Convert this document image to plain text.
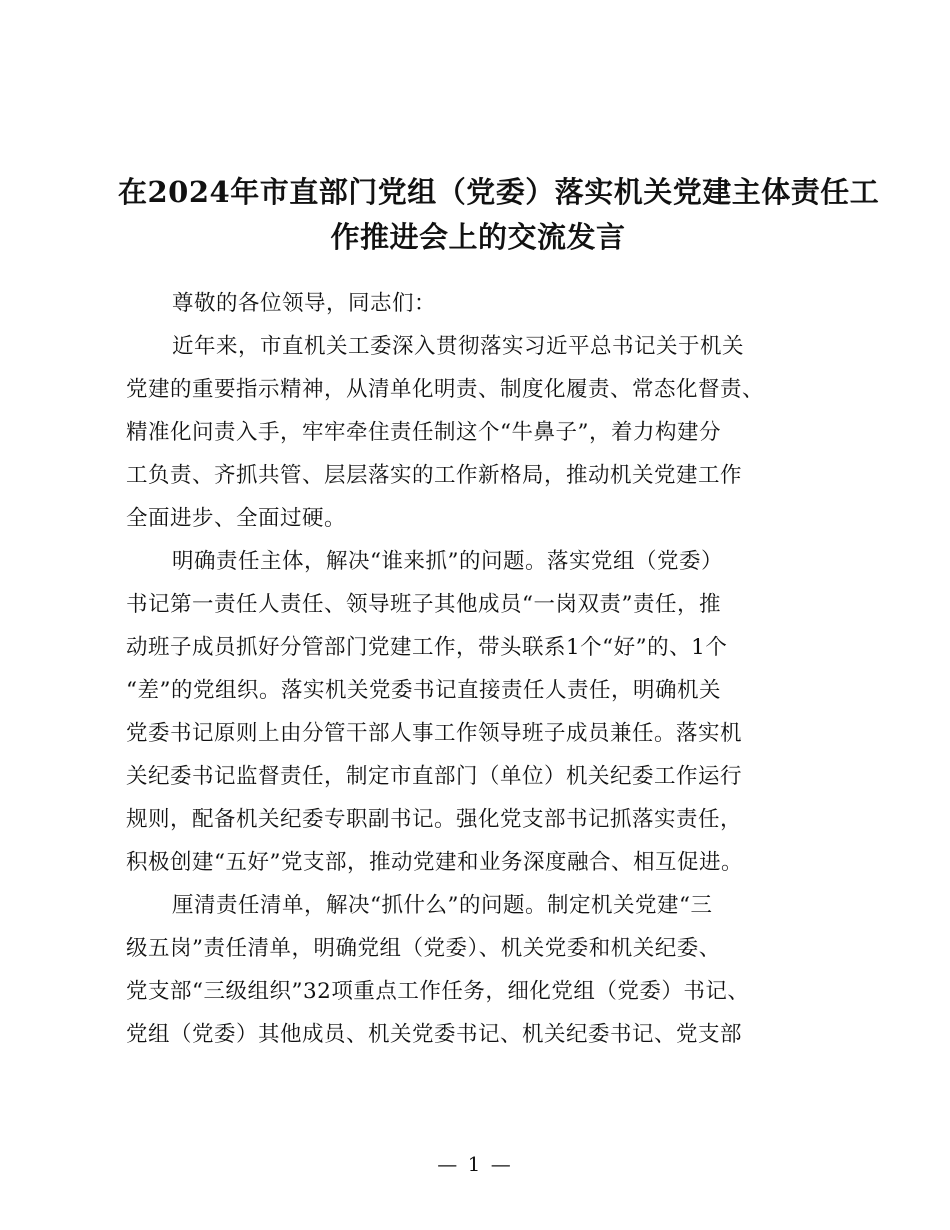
在2024年市直部门党组（党委）落实机关党建主体责任工
作推进会上的交流发言
尊敬的各位领导，同志们：
近年来，市直机关工委深入贯彻落实习近平总书记关于机关
党建的重要指示精神，从清单化明责、制度化履责、常态化督责、
精准化问责入手，牢牢牵住责任制这个“牛鼻子”，着力构建分
工负责、齐抓共管、层层落实的工作新格局，推动机关党建工作
全面进步、全面过硬。
明确责任主体，解决“谁来抓”的问题。落实党组（党委）
书记第一责任人责任、领导班子其他成员“一岗双责”责任，推
动班子成员抓好分管部门党建工作，带头联系1个“好”的、1个
“差”的党组织。落实机关党委书记直接责任人责任，明确机关
党委书记原则上由分管干部人事工作领导班子成员兼任。落实机
关纪委书记监督责任，制定市直部门（单位）机关纪委工作运行
规则，配备机关纪委专职副书记。强化党支部书记抓落实责任，
积极创建“五好”党支部，推动党建和业务深度融合、相互促进。
厘清责任清单，解决“抓什么”的问题。制定机关党建“三
级五岗”责任清单，明确党组（党委）、机关党委和机关纪委、
党支部“三级组织”32项重点工作任务，细化党组（党委）书记、
党组（党委）其他成员、机关党委书记、机关纪委书记、党支部
— 1 —
